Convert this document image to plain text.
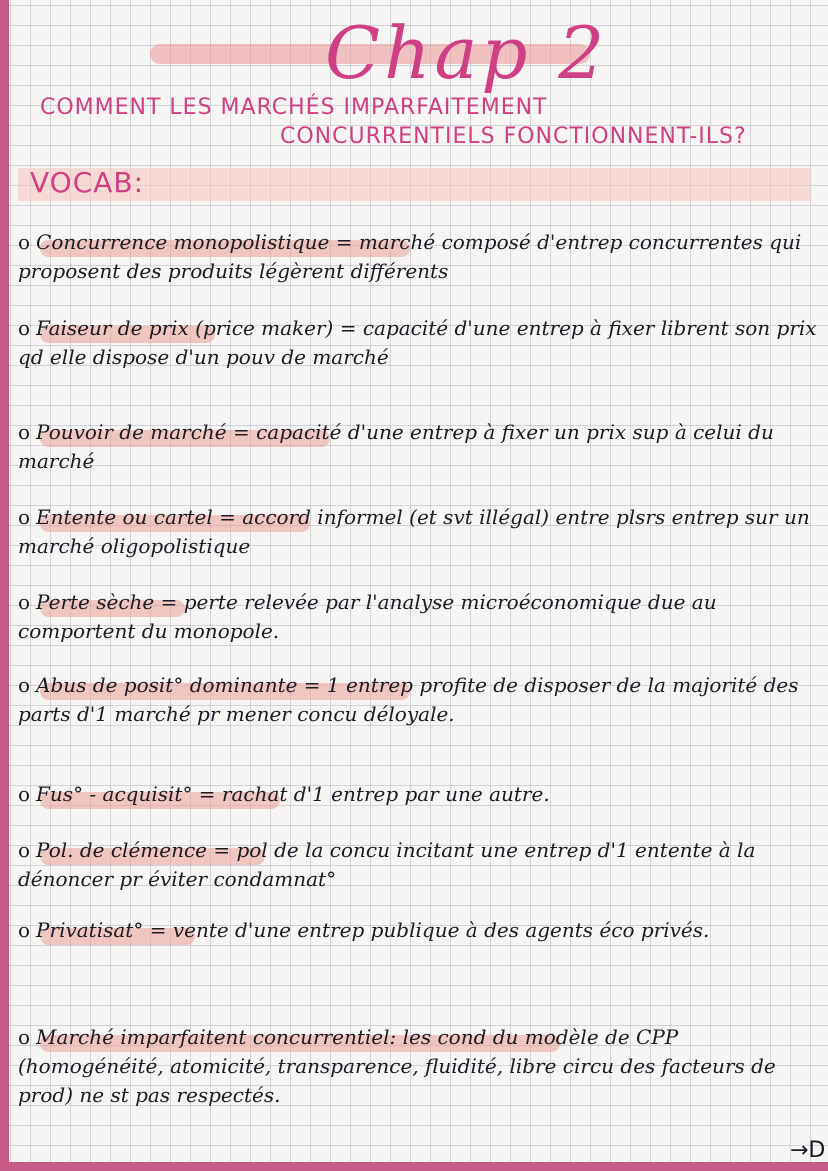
Chap 2
COMMENT LES MARCHÉS IMPARFAITEMENT
CONCURRENTIELS FONCTIONNENT-ILS?
VOCAB:
o Concurrence monopolistique = marché composé d'entrep concurrentes qui proposent des produits légèrent différents
o Faiseur de prix (price maker) = capacité d'une entrep à fixer librent son prix qd elle dispose d'un pouv de marché
o Pouvoir de marché = capacité d'une entrep à fixer un prix sup à celui du marché
o Entente ou cartel = accord informel (et svt illégal) entre plsrs entrep sur un marché oligopolistique
o Perte sèche = perte relevée par l'analyse microéconomique due au comportent du monopole.
o Abus de posit° dominante = 1 entrep profite de disposer de la majorité des parts d'1 marché pr mener concu déloyale.
o Fus° - acquisit° = rachat d'1 entrep par une autre.
o Pol. de clémence = pol de la concu incitant une entrep d'1 entente à la dénoncer pr éviter condamnat°
o Privatisat° = vente d'une entrep publique à des agents éco privés.
o Marché imparfaitent concurrentiel: les cond du modèle de CPP (homogénéité, atomicité, transparence, fluidité, libre circu des facteurs de prod) ne st pas respectés.
→D
